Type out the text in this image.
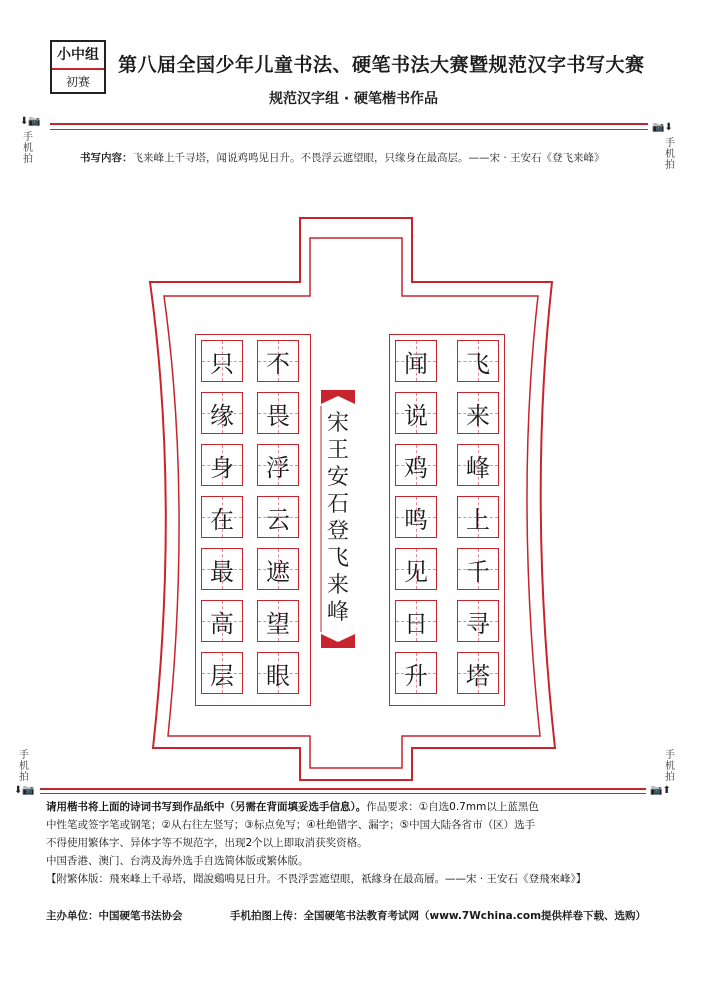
小中组
初赛
第八届全国少年儿童书法、硬笔书法大赛暨规范汉字书写大赛
规范汉字组 · 硬笔楷书作品
⬇📷
手机拍
📷⬇
手机拍
书写内容：飞来峰上千寻塔，闻说鸡鸣见日升。不畏浮云遮望眼，只缘身在最高层。——宋 · 王安石《登飞来峰》
飞
来
峰
上
千
寻
塔
闻
说
鸡
鸣
见
日
升
不
畏
浮
云
遮
望
眼
只
缘
身
在
最
高
层
宋
王
安
石
登
飞
来
峰
手机拍
⬇📷
手机拍
📷⬆
请用楷书将上面的诗词书写到作品纸中（另需在背面填妥选手信息）。作品要求：①自选0.7mm以上蓝黑色
中性笔或签字笔或钢笔；②从右往左竖写；③标点免写；④杜绝错字、漏字；⑤中国大陆各省市（区）选手
不得使用繁体字、异体字等不规范字，出现2个以上即取消获奖资格。
中国香港、澳门、台湾及海外选手自选简体版或繁体版。
【附繁体版：飛來峰上千尋塔，聞說鷄鳴見日升。不畏浮雲遮望眼，祇緣身在最高層。——宋 · 王安石《登飛來峰》】
主办单位：中国硬笔书法协会	手机拍图上传：全国硬笔书法教育考试网（www.7Wchina.com提供样卷下载、选购）
